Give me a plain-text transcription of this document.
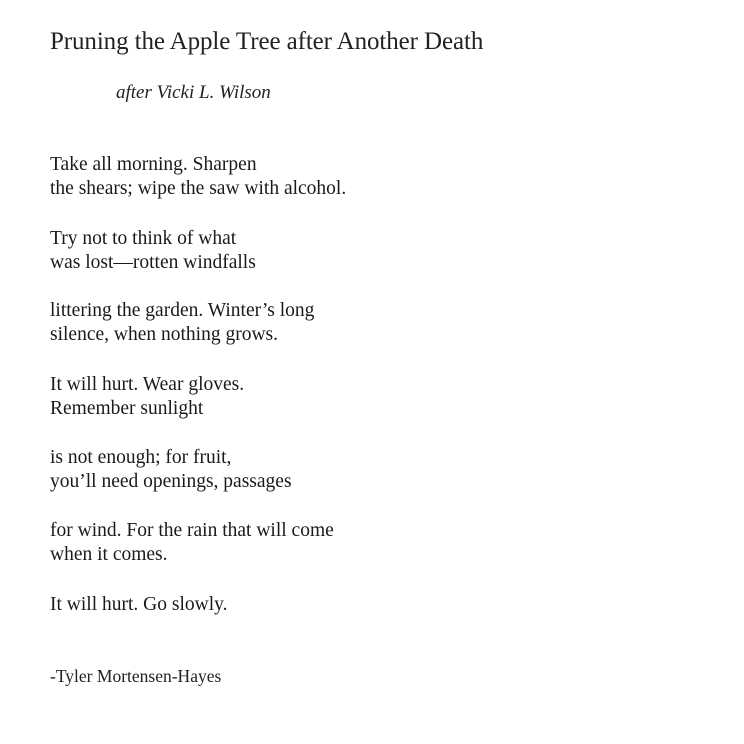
Pruning the Apple Tree after Another Death
after Vicki L. Wilson
Take all morning. Sharpen
the shears; wipe the saw with alcohol.
Try not to think of what
was lost—rotten windfalls
littering the garden. Winter’s long
silence, when nothing grows.
It will hurt. Wear gloves.
Remember sunlight
is not enough; for fruit,
you’ll need openings, passages
for wind. For the rain that will come
when it comes.
It will hurt. Go slowly.
-Tyler Mortensen-Hayes
